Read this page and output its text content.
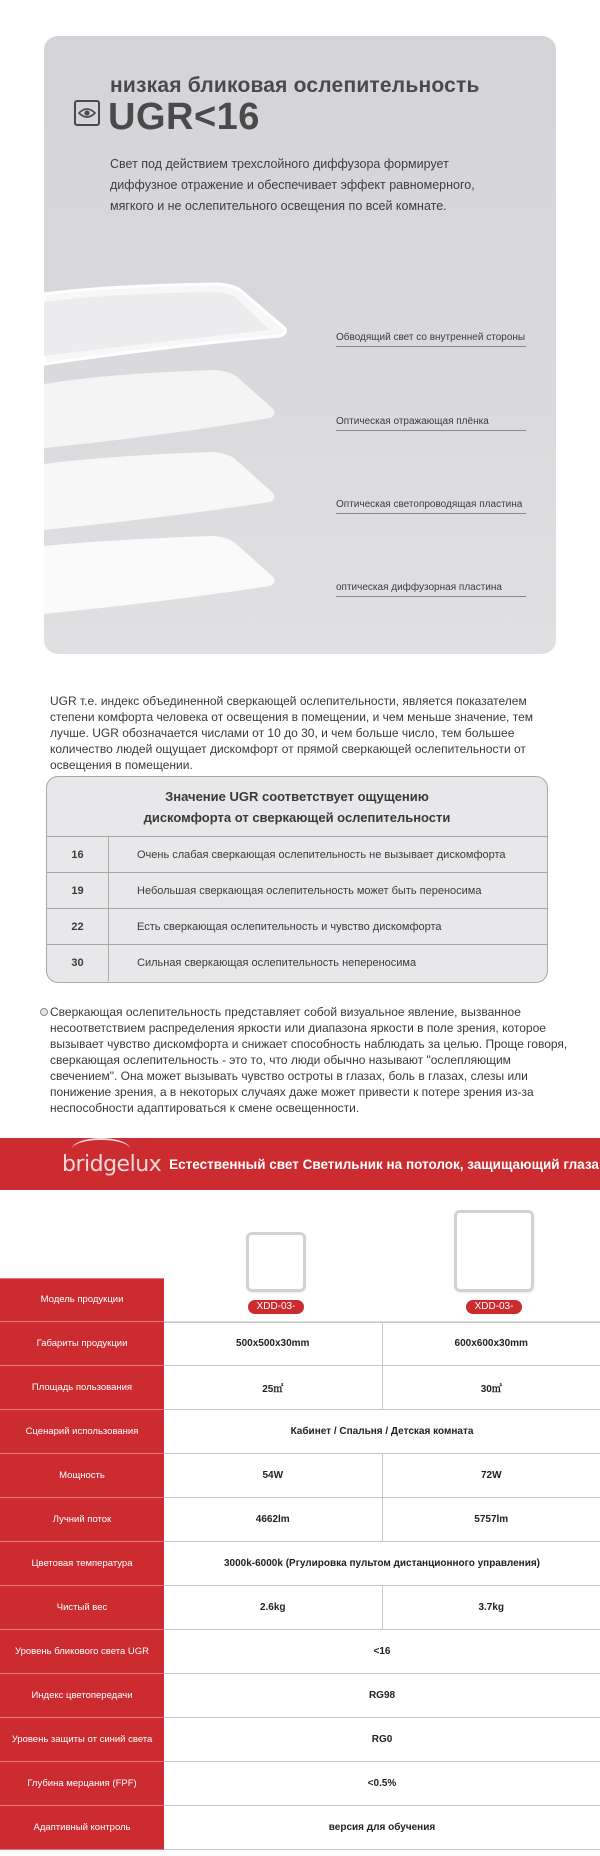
низкая бликовая ослепительность
UGR<16
Свет под действием трехслойного диффузора формирует диффузное отражение и обеспечивает эффект равномерного, мягкого и не ослепительного освещения по всей комнате.
Обводящий свет со внутренней стороны
Оптическая отражающая плёнка
Оптическая светопроводящая пластина
оптическая диффузорная пластина
UGR т.е. индекс объединенной сверкающей ослепительности, является показателем степени комфорта человека от освещения в помещении, и чем меньше значение, тем лучше. UGR обозначается числами от 10 до 30, и чем больше число, тем большее количество людей ощущает дискомфорт от прямой сверкающей ослепительности от освещения в помещении.
Значение UGR соответствует ощущению
дискомфорта от сверкающей ослепительности
16	Очень слабая сверкающая ослепительность не вызывает дискомфорта
19	Небольшая сверкающая ослепительность может быть переносима
22	Есть сверкающая ослепительность и чувство дискомфорта
30	Сильная сверкающая ослепительность непереносима
Сверкающая ослепительность представляет собой визуальное явление, вызванное несоответствием распределения яркости или диапазона яркости в поле зрения, которое вызывает чувство дискомфорта и снижает способность наблюдать за целью. Проще говоря, сверкающая ослепительность - это то, что люди обычно называют "ослепляющим свечением". Она может вызывать чувство остроты в глазах, боль в глазах, слезы или понижение зрения, а в некоторых случаях даже может привести к потере зрения из-за неспособности адаптироваться к смене освещенности.
bridgelux Естественный свет Светильник на потолок, защищающий глаза
XDD-03-1
XDD-03-2
Модель продукции
Габариты продукции	500x500x30mm	600x600x30mm
Площадь пользования	25㎡	30㎡
Сценарий использования	Кабинет / Спальня / Детская комната
Мощность	54W	72W
Лучний поток	4662lm	5757lm
Цветовая температура	3000k-6000k (Ргулировка пультом дистанционного управления)
Чистый вес	2.6kg	3.7kg
Уровень бликового света UGR	<16
Индекс цветопередачи	RG98
Уровень защиты от синий света	RG0
Глубина мерцания (FPF)	<0.5%
Адаптивный контроль	версия для обучения
